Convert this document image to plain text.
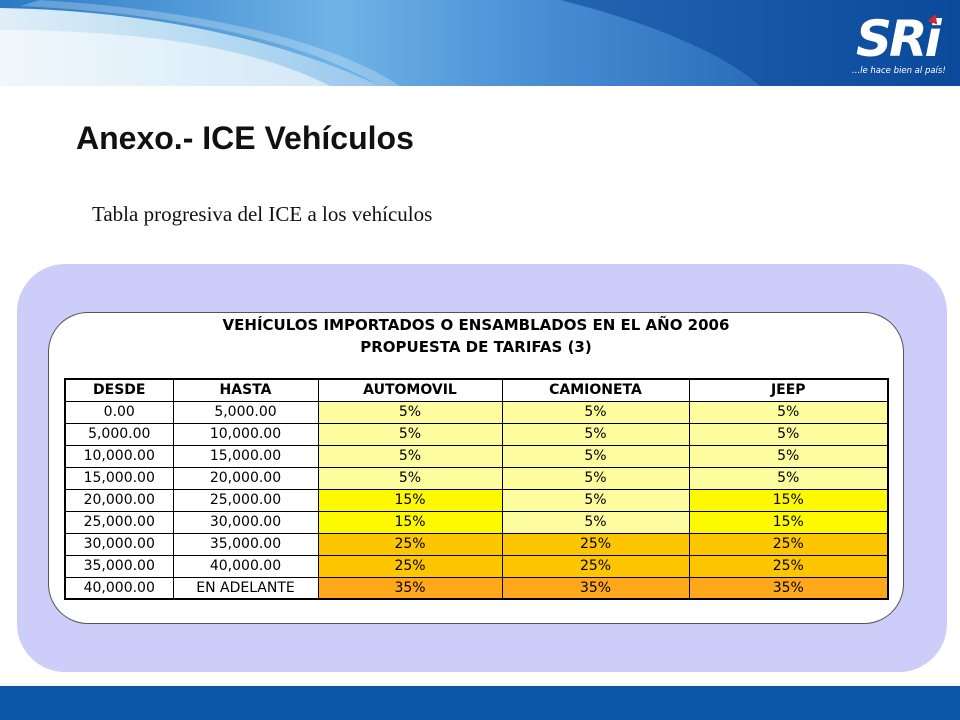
SRi
...le hace bien al país!
Anexo.- ICE Vehículos
Tabla progresiva del ICE a los vehículos
VEHÍCULOS IMPORTADOS O ENSAMBLADOS EN EL AÑO 2006
PROPUESTA DE TARIFAS (3)
DESDE	HASTA	AUTOMOVIL	CAMIONETA	JEEP
0.00	5,000.00	5%	5%	5%
5,000.00	10,000.00	5%	5%	5%
10,000.00	15,000.00	5%	5%	5%
15,000.00	20,000.00	5%	5%	5%
20,000.00	25,000.00	15%	5%	15%
25,000.00	30,000.00	15%	5%	15%
30,000.00	35,000.00	25%	25%	25%
35,000.00	40,000.00	25%	25%	25%
40,000.00	EN ADELANTE	35%	35%	35%
